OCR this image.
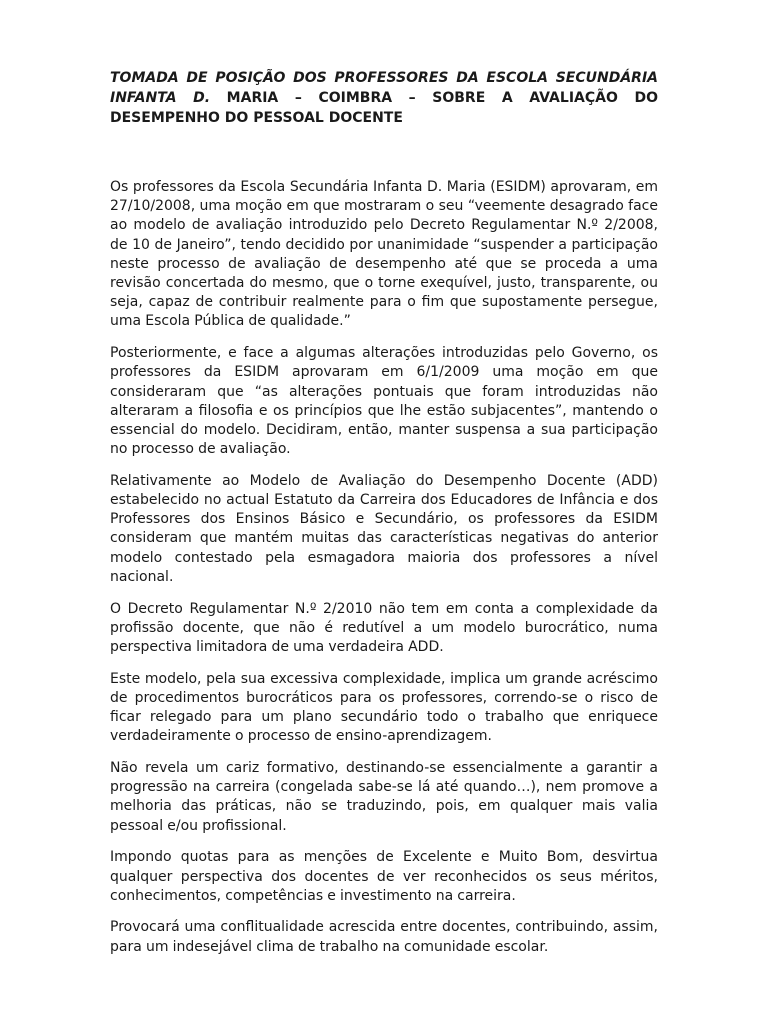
TOMADA DE POSIÇÃO DOS PROFESSORES DA ESCOLA SECUNDÁRIA INFANTA D. MARIA – COIMBRA – SOBRE A AVALIAÇÃO DO DESEMPENHO DO PESSOAL DOCENTE

Os professores da Escola Secundária Infanta D. Maria (ESIDM) aprovaram, em 27/10/2008, uma moção em que mostraram o seu “veemente desagrado face ao modelo de avaliação introduzido pelo Decreto Regulamentar N.º 2/2008, de 10 de Janeiro”, tendo decidido por unanimidade “suspender a participação neste processo de avaliação de desempenho até que se proceda a uma revisão concertada do mesmo, que o torne exequível, justo, transparente, ou seja, capaz de contribuir realmente para o fim que supostamente persegue, uma Escola Pública de qualidade.”

Posteriormente, e face a algumas alterações introduzidas pelo Governo, os professores da ESIDM aprovaram em 6/1/2009 uma moção em que consideraram que “as alterações pontuais que foram introduzidas não alteraram a filosofia e os princípios que lhe estão subjacentes”, mantendo o essencial do modelo. Decidiram, então, manter suspensa a sua participação no processo de avaliação.

Relativamente ao Modelo de Avaliação do Desempenho Docente (ADD) estabelecido no actual Estatuto da Carreira dos Educadores de Infância e dos Professores dos Ensinos Básico e Secundário, os professores da ESIDM consideram que mantém muitas das características negativas do anterior modelo contestado pela esmagadora maioria dos professores a nível nacional.

O Decreto Regulamentar N.º 2/2010 não tem em conta a complexidade da profissão docente, que não é redutível a um modelo burocrático, numa perspectiva limitadora de uma verdadeira ADD.

Este modelo, pela sua excessiva complexidade, implica um grande acréscimo de procedimentos burocráticos para os professores, correndo-se o risco de ficar relegado para um plano secundário todo o trabalho que enriquece verdadeiramente o processo de ensino-aprendizagem.

Não revela um cariz formativo, destinando-se essencialmente a garantir a progressão na carreira (congelada sabe-se lá até quando…), nem promove a melhoria das práticas, não se traduzindo, pois, em qualquer mais valia pessoal e/ou profissional.

Impondo quotas para as menções de Excelente e Muito Bom, desvirtua qualquer perspectiva dos docentes de ver reconhecidos os seus méritos, conhecimentos, competências e investimento na carreira.

Provocará uma conflitualidade acrescida entre docentes, contribuindo, assim, para um indesejável clima de trabalho na comunidade escolar.
